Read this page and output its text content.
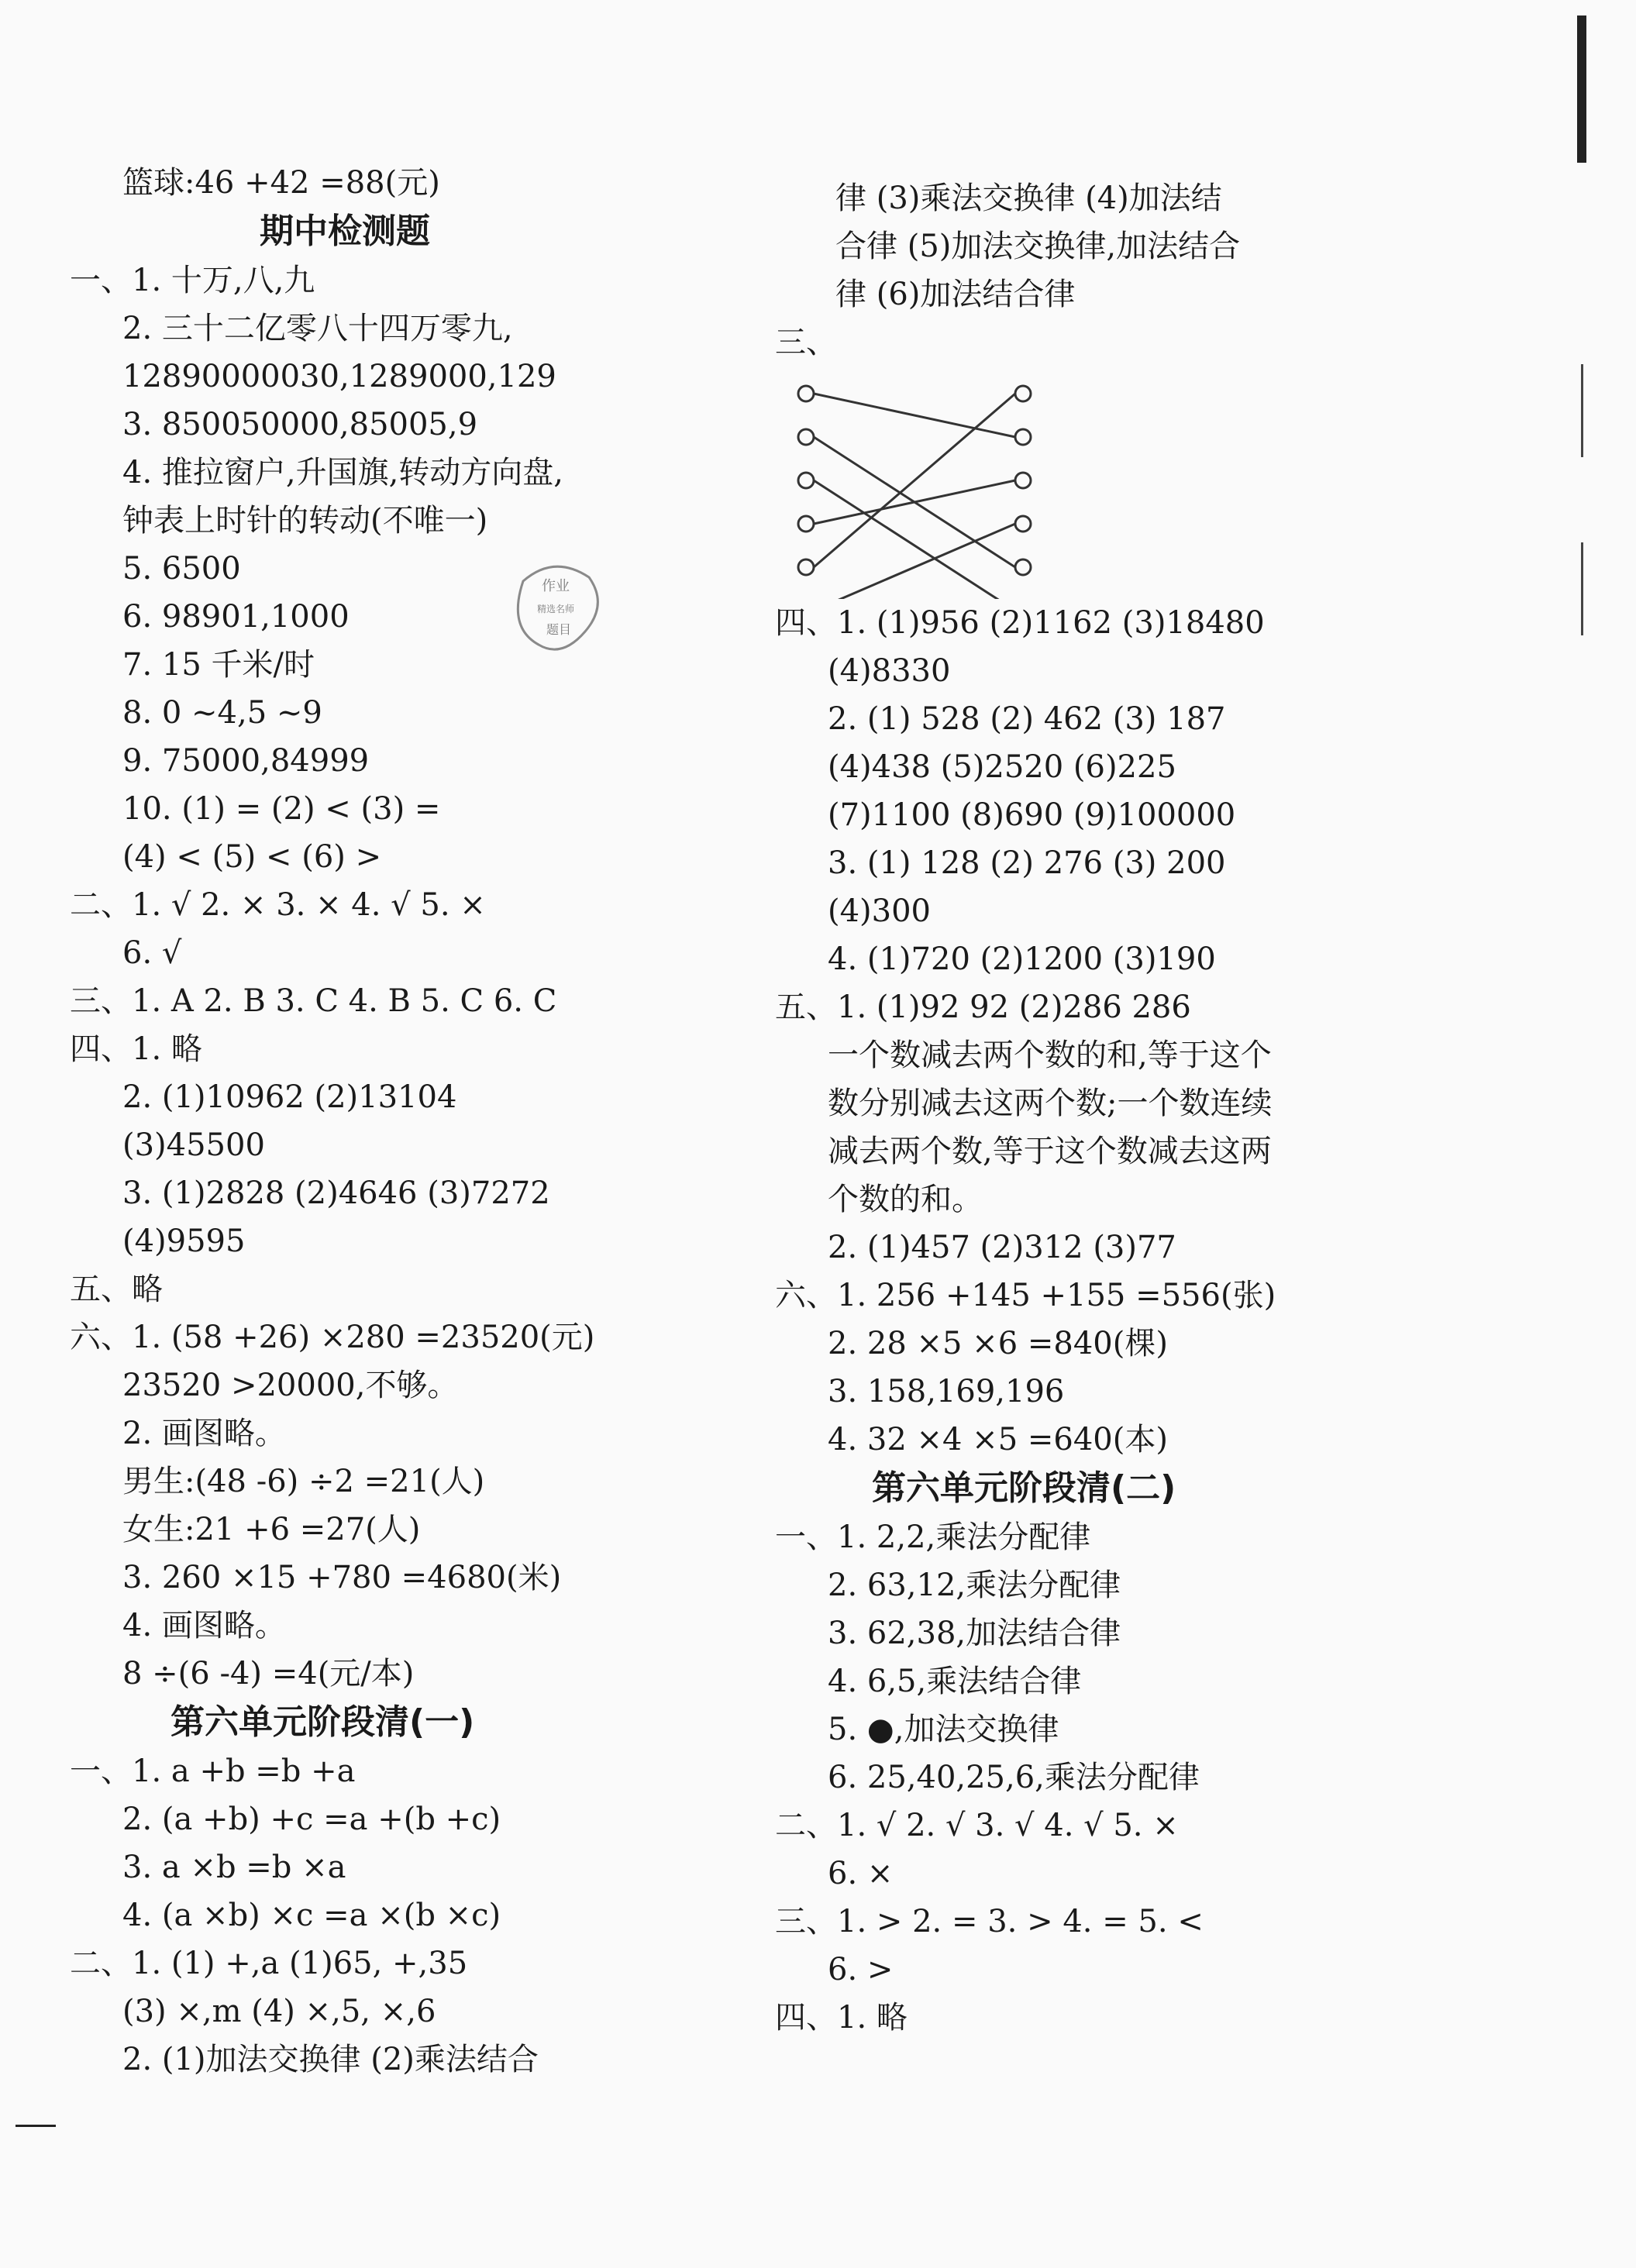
篮球:46 +42 =88(元)
期中检测题
一、1. 十万,八,九
2. 三十二亿零八十四万零九,
12890000030,1289000,129
3. 850050000,85005,9
4. 推拉窗户,升国旗,转动方向盘,
钟表上时针的转动(不唯一)
5. 6500
6. 98901,1000
7. 15 千米/时
8. 0 ~4,5 ~9
9. 75000,84999
10. (1) = (2) < (3) =
(4) < (5) < (6) >
二、1. √ 2. × 3. × 4. √ 5. ×
6. √
三、1. A 2. B 3. C 4. B 5. C 6. C
四、1. 略
2. (1)10962 (2)13104
(3)45500
3. (1)2828 (2)4646 (3)7272
(4)9595
五、略
六、1. (58 +26) ×280 =23520(元)
23520 >20000,不够。
2. 画图略。
男生:(48 -6) ÷2 =21(人)
女生:21 +6 =27(人)
3. 260 ×15 +780 =4680(米)
4. 画图略。
8 ÷(6 -4) =4(元/本)
第六单元阶段清(一)
一、1. a +b =b +a
2. (a +b) +c =a +(b +c)
3. a ×b =b ×a
4. (a ×b) ×c =a ×(b ×c)
二、1. (1) +,a (1)65, +,35
(3) ×,m (4) ×,5, ×,6
2. (1)加法交换律 (2)乘法结合
律 (3)乘法交换律 (4)加法结
合律 (5)加法交换律,加法结合
律 (6)加法结合律
三、
四、1. (1)956 (2)1162 (3)18480
(4)8330
2. (1) 528 (2) 462 (3) 187
(4)438 (5)2520 (6)225
(7)1100 (8)690 (9)100000
3. (1) 128 (2) 276 (3) 200
(4)300
4. (1)720 (2)1200 (3)190
五、1. (1)92 92 (2)286 286
一个数减去两个数的和,等于这个
数分别减去这两个数;一个数连续
减去两个数,等于这个数减去这两
个数的和。
2. (1)457 (2)312 (3)77
六、1. 256 +145 +155 =556(张)
2. 28 ×5 ×6 =840(棵)
3. 158,169,196
4. 32 ×4 ×5 =640(本)
第六单元阶段清(二)
一、1. 2,2,乘法分配律
2. 63,12,乘法分配律
3. 62,38,加法结合律
4. 6,5,乘法结合律
5. ●,加法交换律
6. 25,40,25,6,乘法分配律
二、1. √ 2. √ 3. √ 4. √ 5. ×
6. ×
三、1. > 2. = 3. > 4. = 5. <
6. >
四、1. 略
作业
精选名师
题目
